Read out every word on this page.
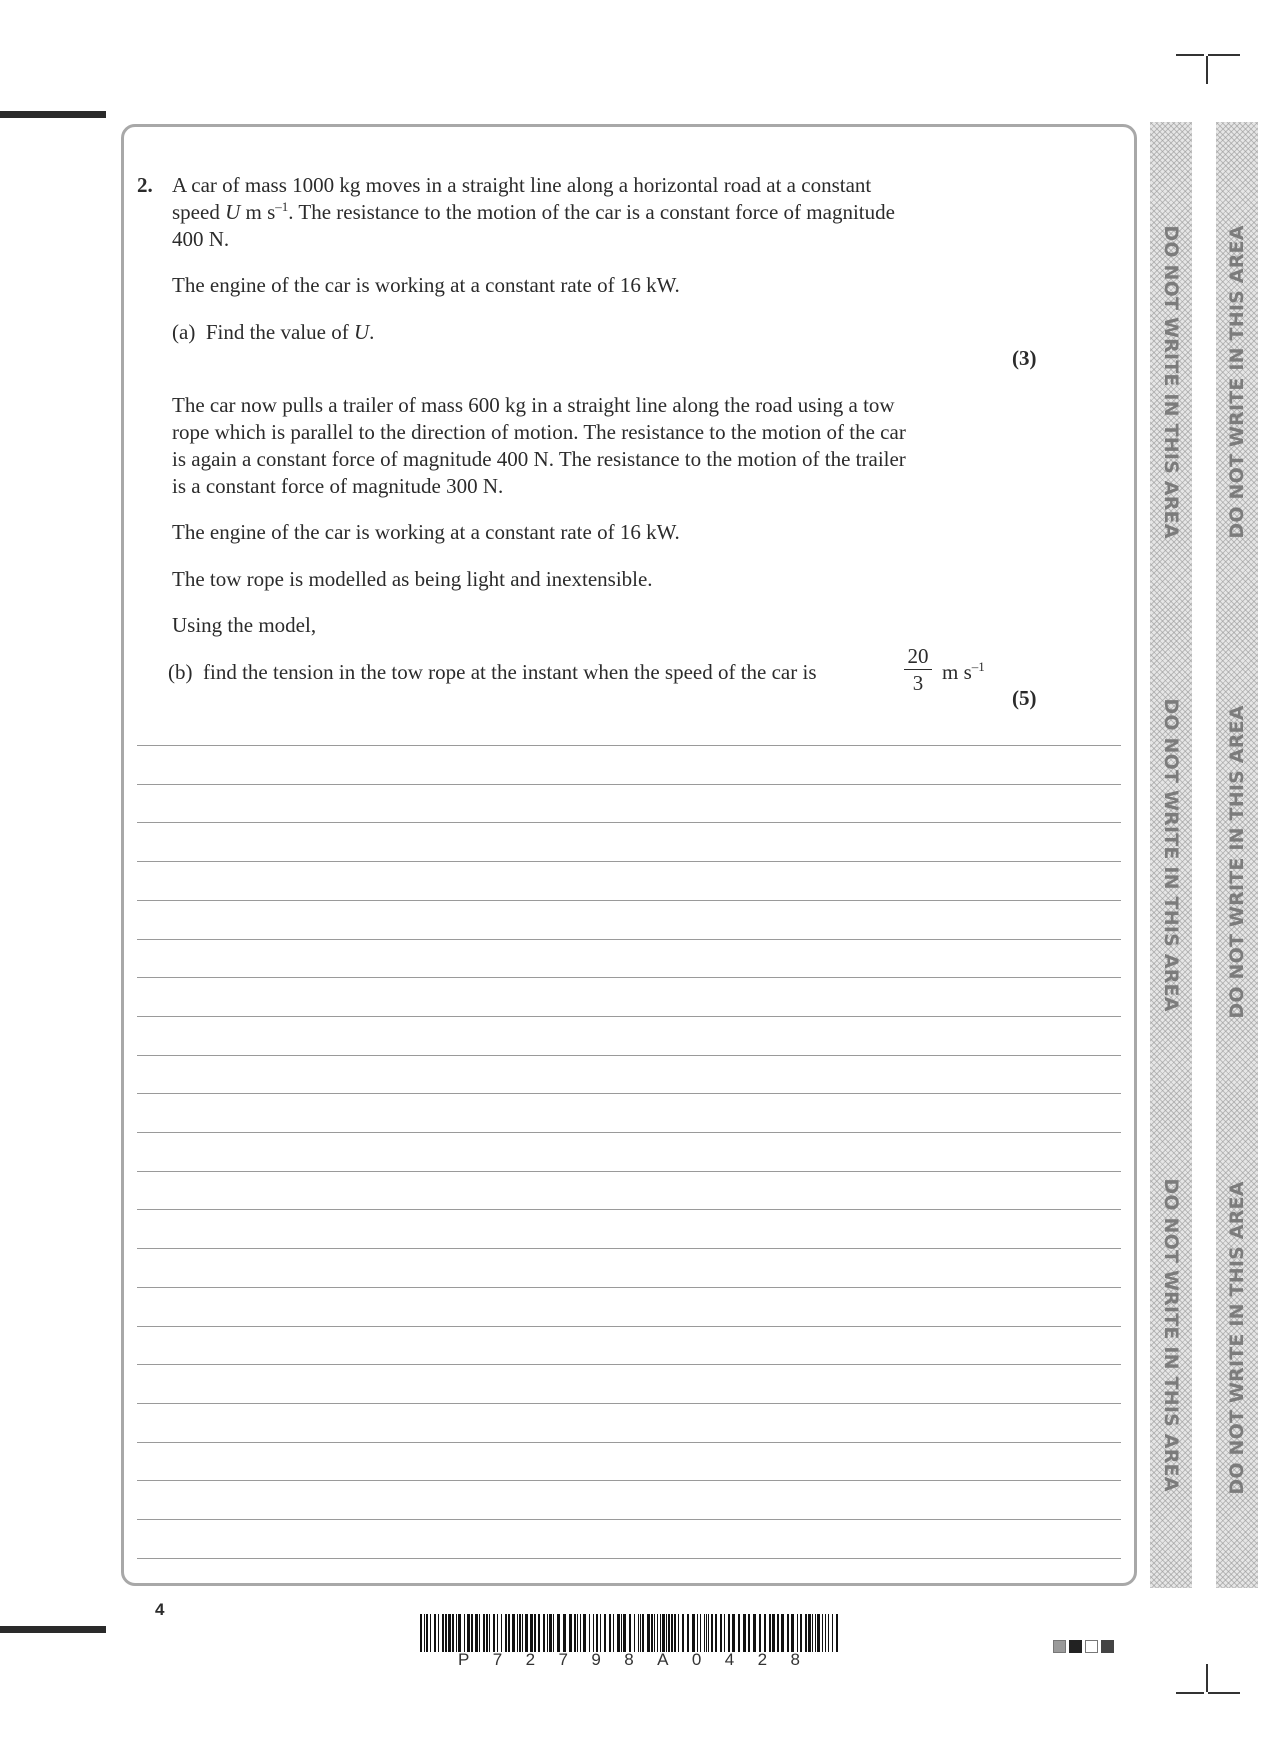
2. A car of mass 1000 kg moves in a straight line along a horizontal road at a constant
speed U m $s^{-1}$. The resistance to the motion of the car is a constant force of magnitude
400 N.
The engine of the car is working at a constant rate of 16 kW.
(a) Find the value of U.
(3)
The car now pulls a trailer of mass 600 kg in a straight line along the road using a tow
rope which is parallel to the direction of motion. The resistance to the motion of the car
is again a constant force of magnitude 400 N. The resistance to the motion of the trailer
is a constant force of magnitude 300 N.
The engine of the car is working at a constant rate of 16 kW.
The tow rope is modelled as being light and inextensible.
Using the model,
(b) find the tension in the tow rope at the instant when the speed of the car is	$\frac{20}{3}$ m $s^{-1}$
(5)
DO NOT WRITE IN THIS AREA
DO NOT WRITE IN THIS AREA
DO NOT WRITE IN THIS AREA
DO NOT WRITE IN THIS AREA
DO NOT WRITE IN THIS AREA
DO NOT WRITE IN THIS AREA
4
P 7 2 7 9 8 A 0 4 2 8
